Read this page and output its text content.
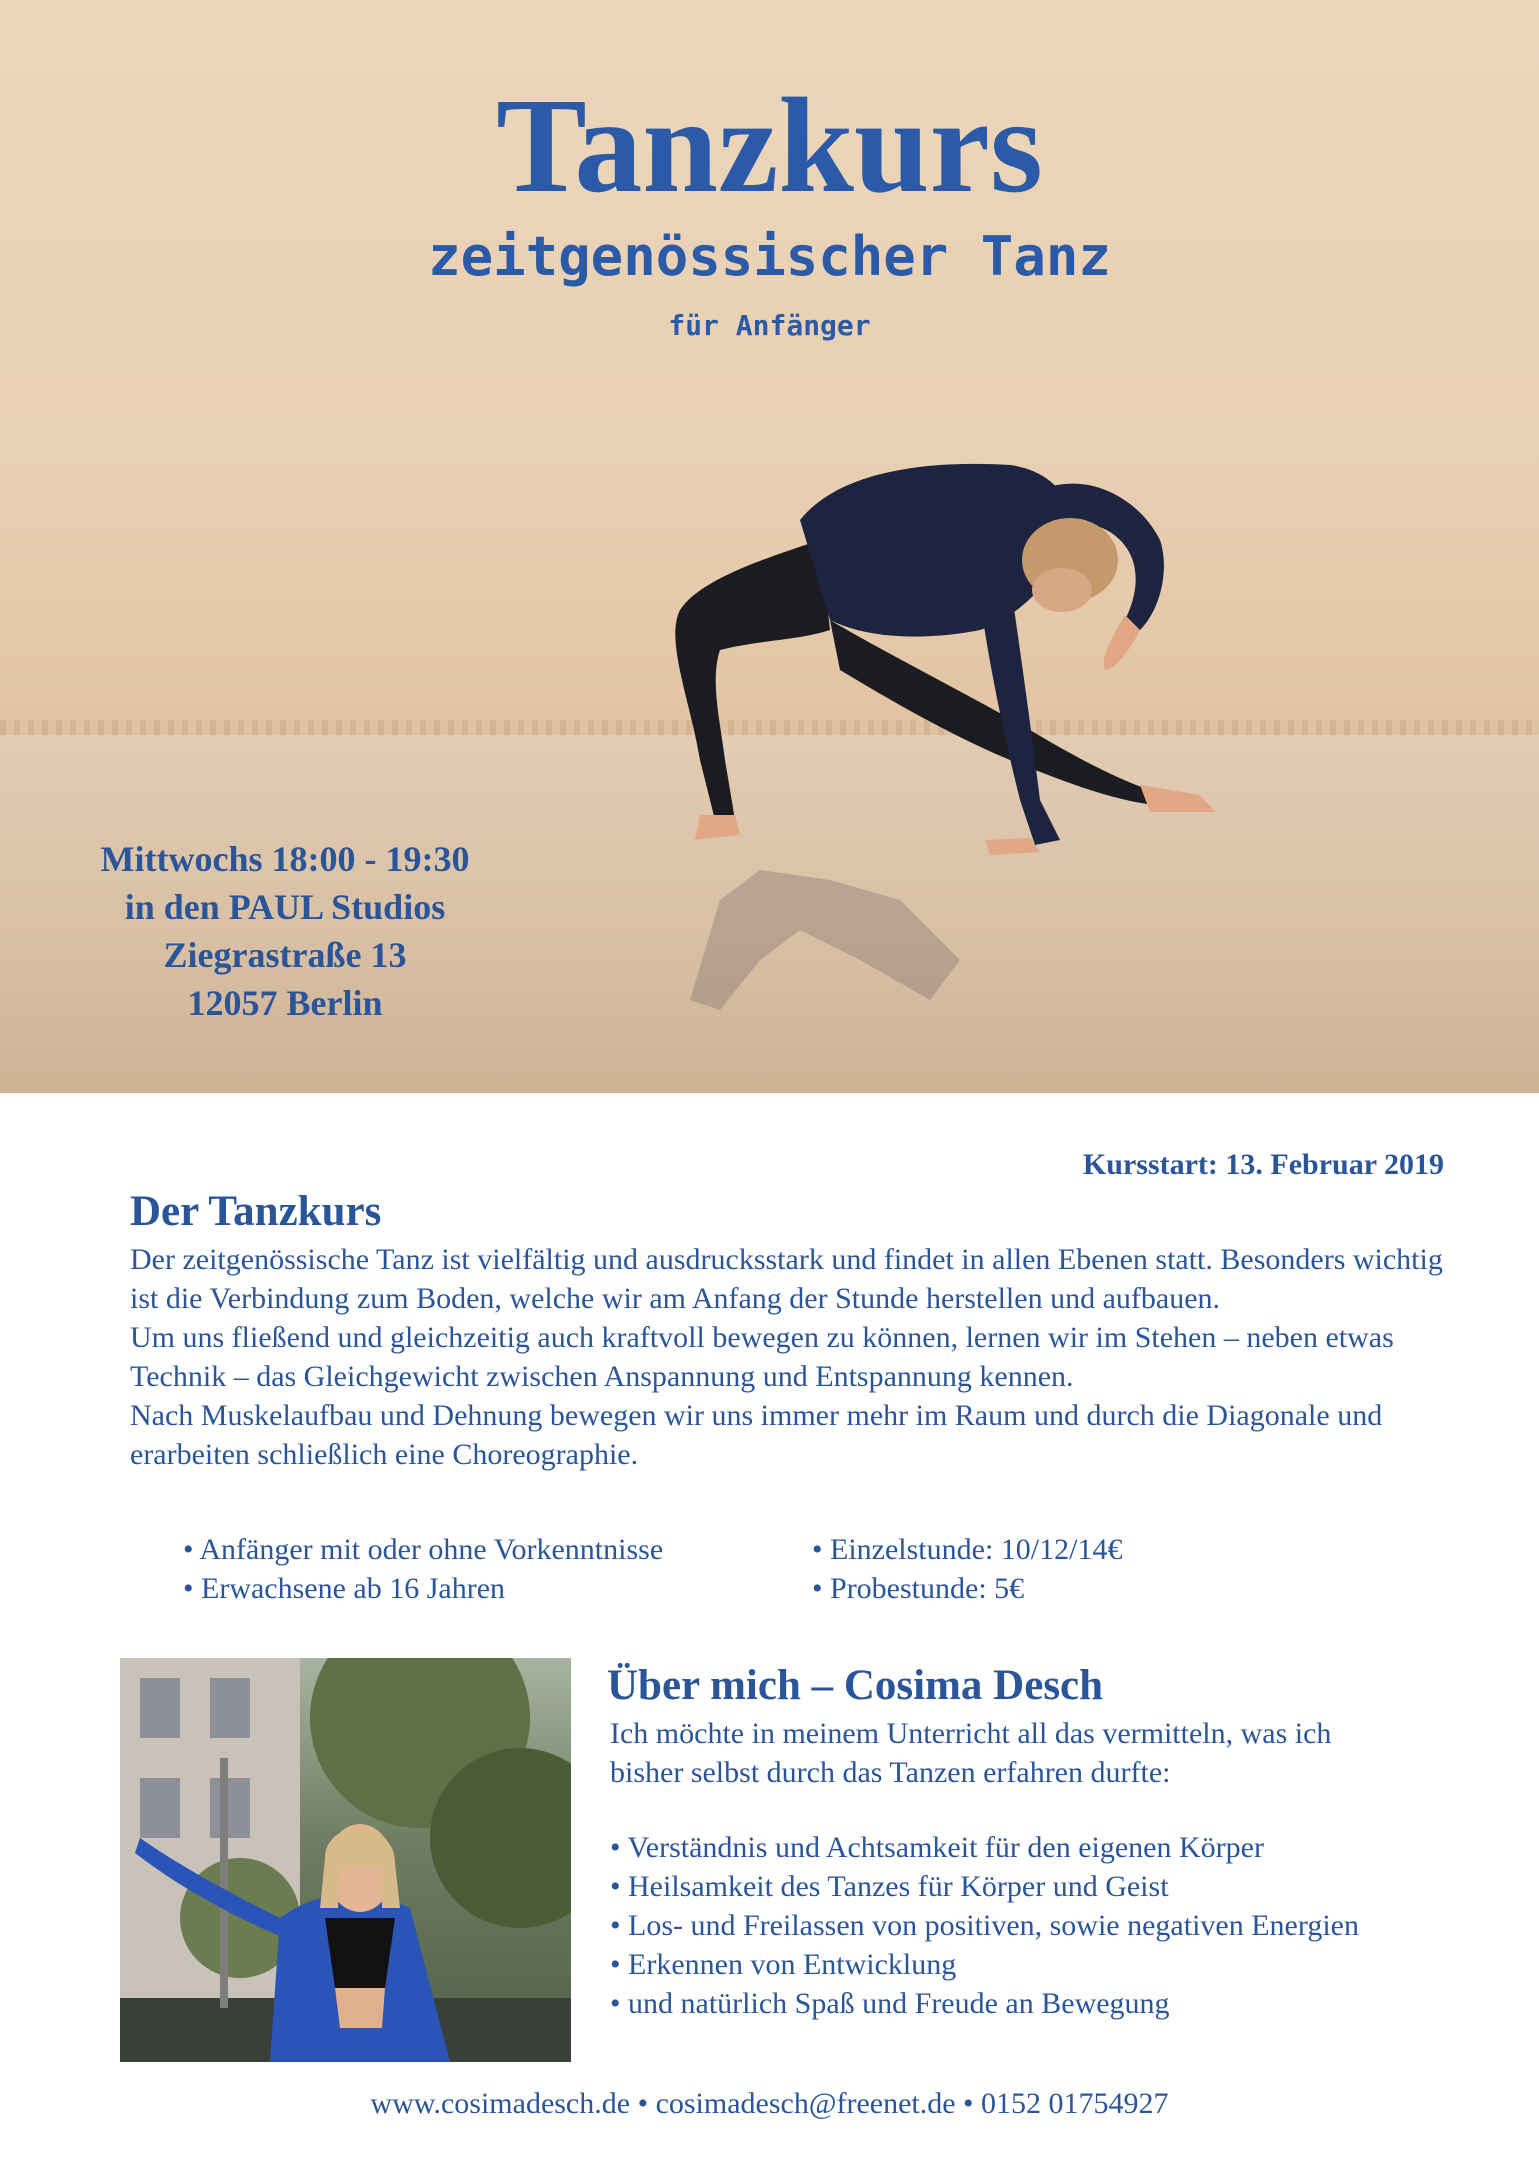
Tanzkurs
zeitgenössischer Tanz
für Anfänger
Mittwochs 18:00 - 19:30
in den PAUL Studios
Ziegrastraße 13
12057 Berlin
Kursstart: 13. Februar 2019
Der Tanzkurs

Der zeitgenössische Tanz ist vielfältig und ausdrucksstark und findet in allen Ebenen statt. Besonders wichtig ist die Verbindung zum Boden, welche wir am Anfang der Stunde herstellen und aufbauen.

Um uns fließend und gleichzeitig auch kraftvoll bewegen zu können, lernen wir im Stehen – neben etwas Technik – das Gleichgewicht zwischen Anspannung und Entspannung kennen.

Nach Muskelaufbau und Dehnung bewegen wir uns immer mehr im Raum und durch die Diagonale und erarbeiten schließlich eine Choreographie.

• Anfänger mit oder ohne Vorkenntnisse
• Erwachsene ab 16 Jahren
• Einzelstunde: 10/12/14€
• Probestunde: 5€
Über mich – Cosima Desch
Ich möchte in meinem Unterricht all das vermitteln, was ich
bisher selbst durch das Tanzen erfahren durfte:
• Verständnis und Achtsamkeit für den eigenen Körper
• Heilsamkeit des Tanzes für Körper und Geist
• Los- und Freilassen von positiven, sowie negativen Energien
• Erkennen von Entwicklung
• und natürlich Spaß und Freude an Bewegung
www.cosimadesch.de • cosimadesch@freenet.de • 0152 01754927
